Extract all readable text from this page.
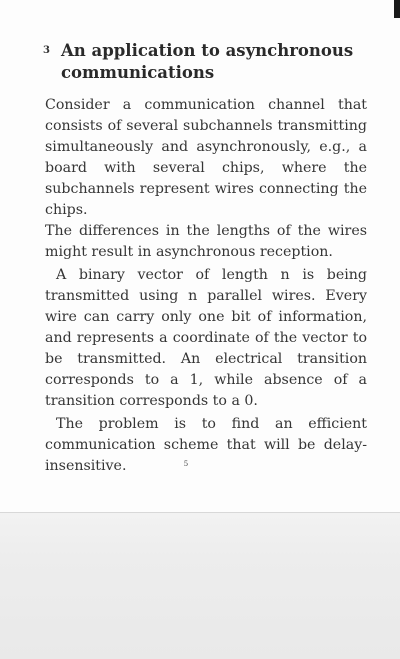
3 An application to asynchronous communications

Consider a communication channel that consists of several subchannels transmitting simultaneously and asynchronously, e.g., a board with several chips, where the subchannels represent wires connecting the chips.

The differences in the lengths of the wires might result in asynchronous reception.

A binary vector of length n is being transmitted using n parallel wires. Every wire can carry only one bit of information, and represents a coordinate of the vector to be transmitted. An electrical transition corresponds to a 1, while absence of a transition corresponds to a 0.

The problem is to find an efficient communication scheme that will be delay-insensitive.	5
